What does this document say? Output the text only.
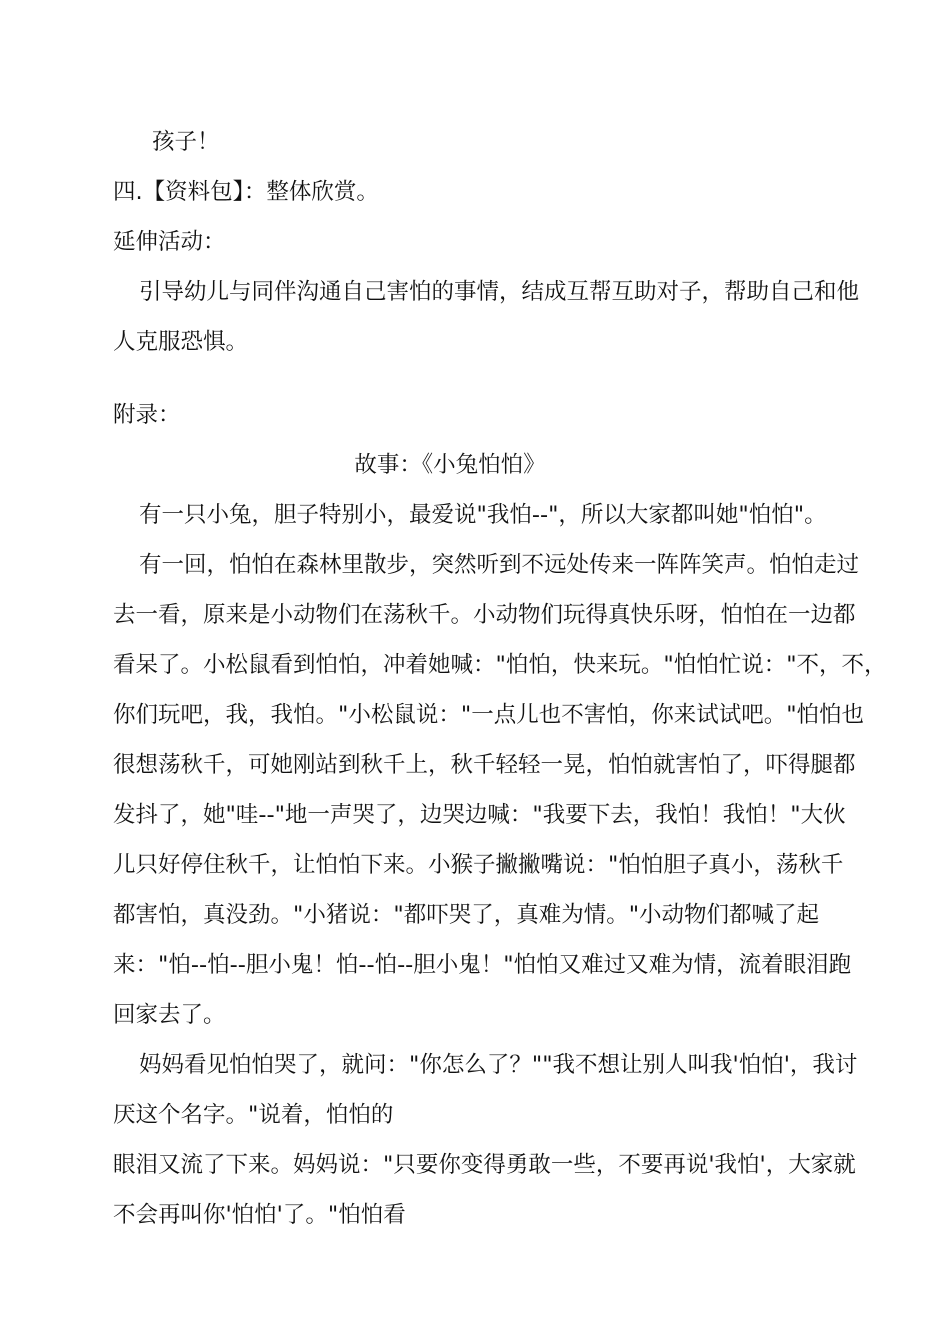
孩子！
四.【资料包】：整体欣赏。
延伸活动：
引导幼儿与同伴沟通自己害怕的事情，结成互帮互助对子，帮助自己和他
人克服恐惧。
附录：
故事：《小兔怕怕》
有一只小兔，胆子特别小，最爱说"我怕--"，所以大家都叫她"怕怕"。
有一回，怕怕在森林里散步，突然听到不远处传来一阵阵笑声。怕怕走过
去一看，原来是小动物们在荡秋千。小动物们玩得真快乐呀，怕怕在一边都
看呆了。小松鼠看到怕怕，冲着她喊："怕怕，快来玩。"怕怕忙说："不，不，
你们玩吧，我，我怕。"小松鼠说："一点儿也不害怕，你来试试吧。"怕怕也
很想荡秋千，可她刚站到秋千上，秋千轻轻一晃，怕怕就害怕了，吓得腿都
发抖了，她"哇--"地一声哭了，边哭边喊："我要下去，我怕！我怕！"大伙
儿只好停住秋千，让怕怕下来。小猴子撇撇嘴说："怕怕胆子真小，荡秋千
都害怕，真没劲。"小猪说："都吓哭了，真难为情。"小动物们都喊了起
来："怕--怕--胆小鬼！怕--怕--胆小鬼！"怕怕又难过又难为情，流着眼泪跑
回家去了。
妈妈看见怕怕哭了，就问："你怎么了？""我不想让别人叫我'怕怕'，我讨
厌这个名字。"说着，怕怕的
眼泪又流了下来。妈妈说："只要你变得勇敢一些，不要再说'我怕'，大家就
不会再叫你'怕怕'了。"怕怕看
